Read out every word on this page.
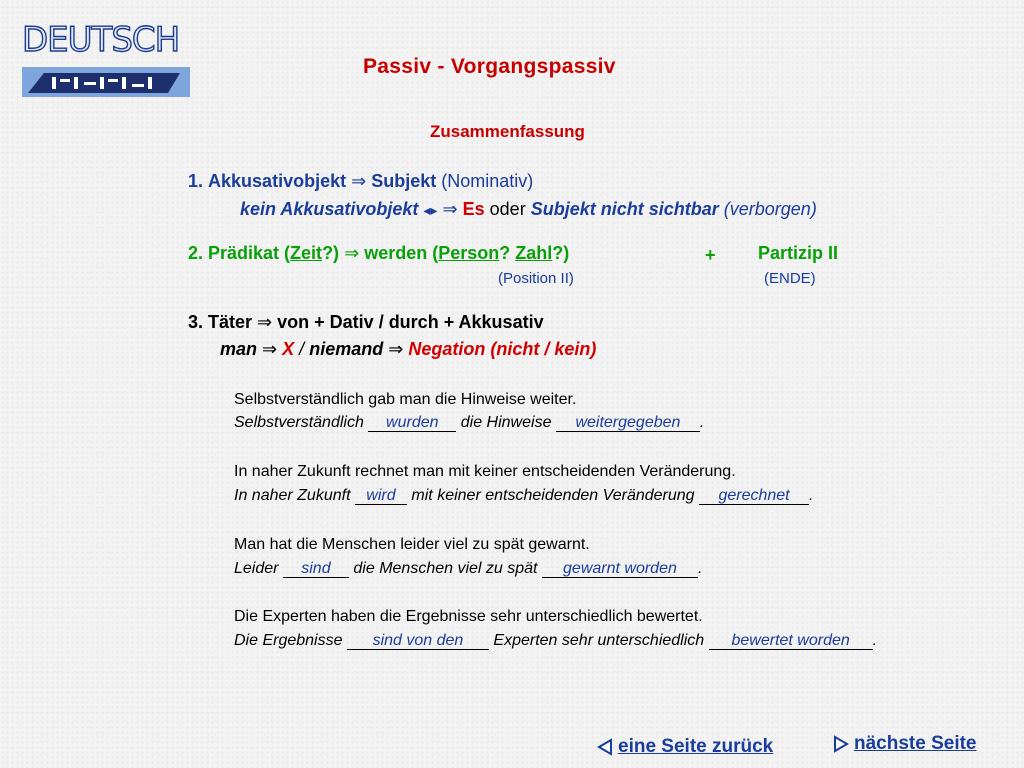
DEUTSCH
Passiv - Vorgangspassiv
Zusammenfassung
1. Akkusativobjekt ⇒ Subjekt (Nominativ)
kein Akkusativobjekt ◂▸ ⇒ Es oder Subjekt nicht sichtbar (verborgen)
2. Prädikat (Zeit?) ⇒ werden (Person? Zahl?)	+ Partizip II
(Position II)	(ENDE)
3. Täter ⇒ von + Dativ / durch + Akkusativ
man ⇒ X / niemand ⇒ Negation (nicht / kein)
Selbstverständlich gab man die Hinweise weiter.
Selbstverständlich wurden die Hinweise weitergegeben .
In naher Zukunft rechnet man mit keiner entscheidenden Veränderung.
In naher Zukunft wird mit keiner entscheidenden Veränderung gerechnet .
Man hat die Menschen leider viel zu spät gewarnt.
Leider sind die Menschen viel zu spät gewarnt worden .
Die Experten haben die Ergebnisse sehr unterschiedlich bewertet.
Die Ergebnisse sind von den Experten sehr unterschiedlich bewertet worden .
eine Seite zurück	nächste Seite
